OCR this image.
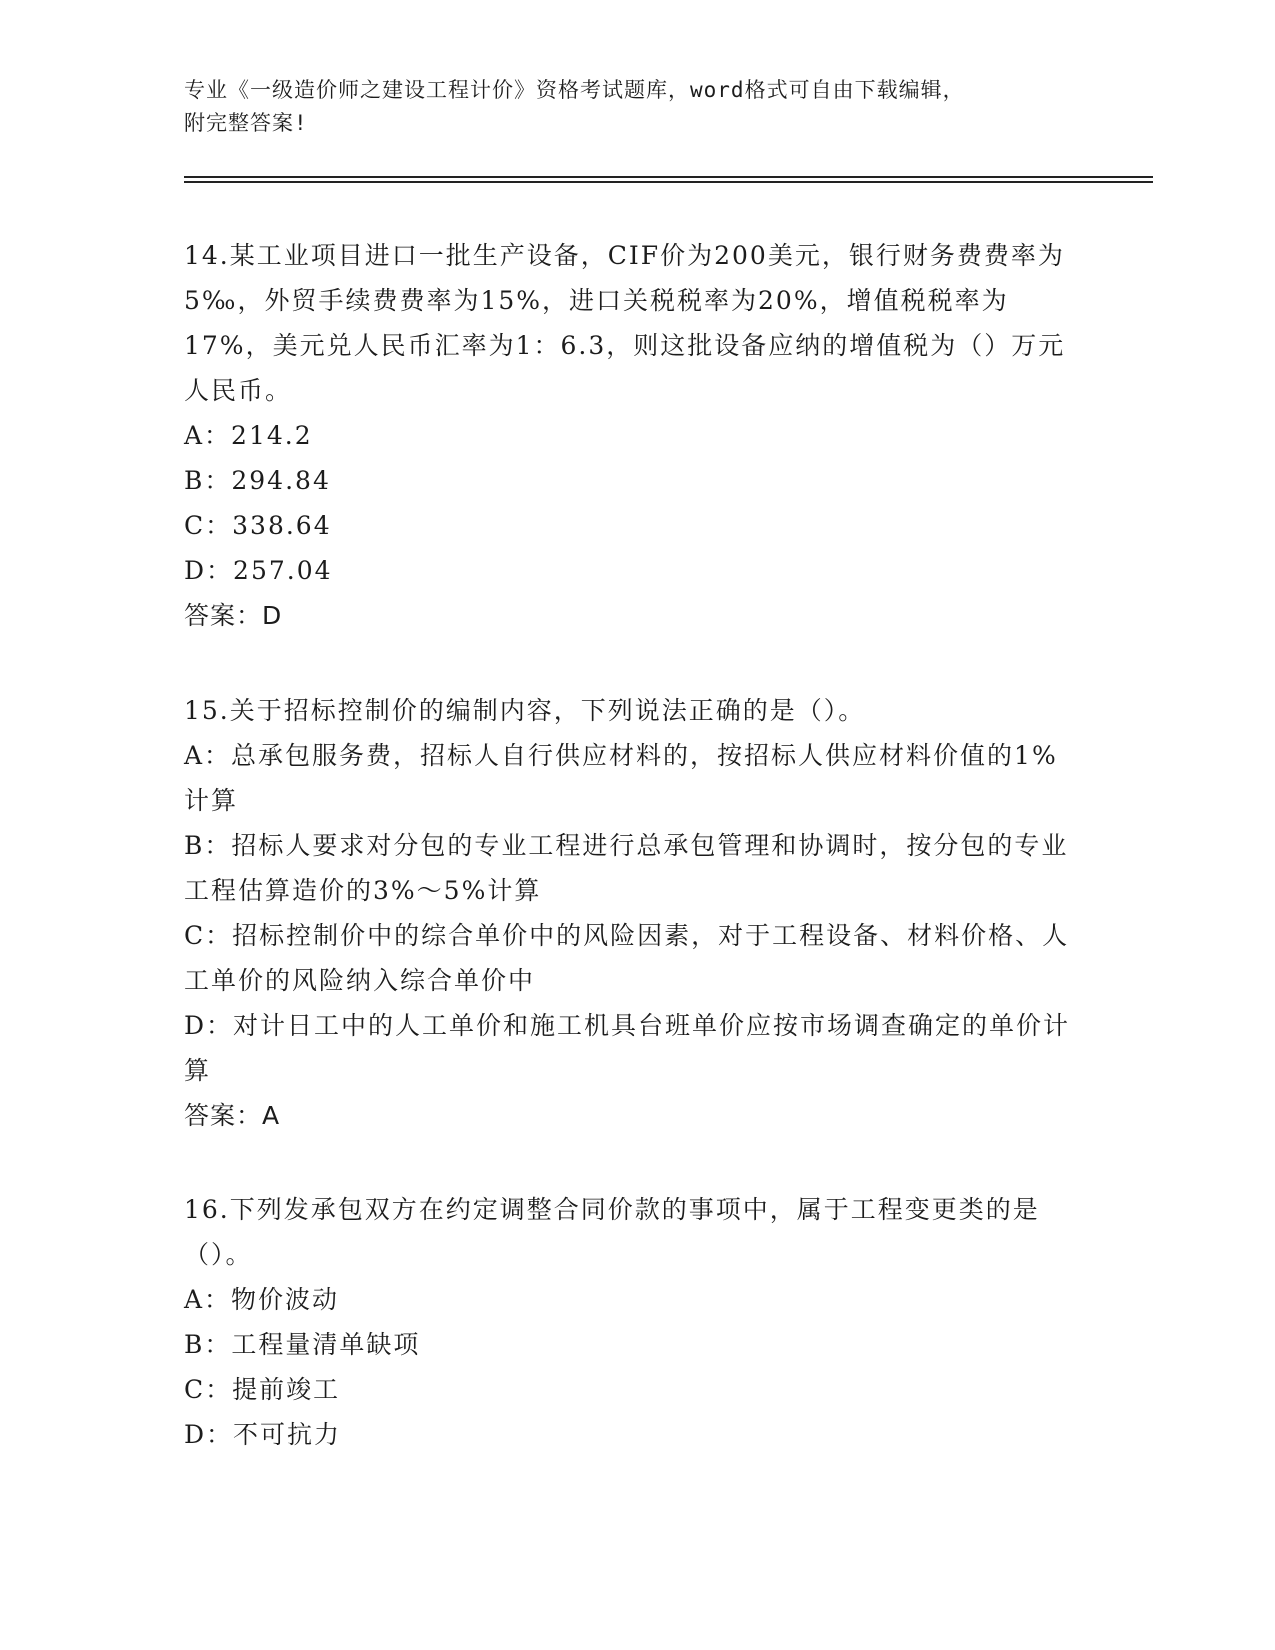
专业《一级造价师之建设工程计价》资格考试题库，word格式可自由下载编辑，
附完整答案!

14.某工业项目进口一批生产设备，CIF价为200美元，银行财务费费率为5‰，外贸手续费费率为15%，进口关税税率为20%，增值税税率为17%，美元兑人民币汇率为1：6.3，则这批设备应纳的增值税为（）万元人民币。

A：214.2

B：294.84

C：338.64

D：257.04

答案：D

15.关于招标控制价的编制内容，下列说法正确的是（）。

A：总承包服务费，招标人自行供应材料的，按招标人供应材料价值的1%计算

B：招标人要求对分包的专业工程进行总承包管理和协调时，按分包的专业工程估算造价的3%～5%计算

C：招标控制价中的综合单价中的风险因素，对于工程设备、材料价格、人工单价的风险纳入综合单价中

D：对计日工中的人工单价和施工机具台班单价应按市场调查确定的单价计算

答案：A

16.下列发承包双方在约定调整合同价款的事项中，属于工程变更类的是（）。

A：物价波动

B：工程量清单缺项

C：提前竣工

D：不可抗力
